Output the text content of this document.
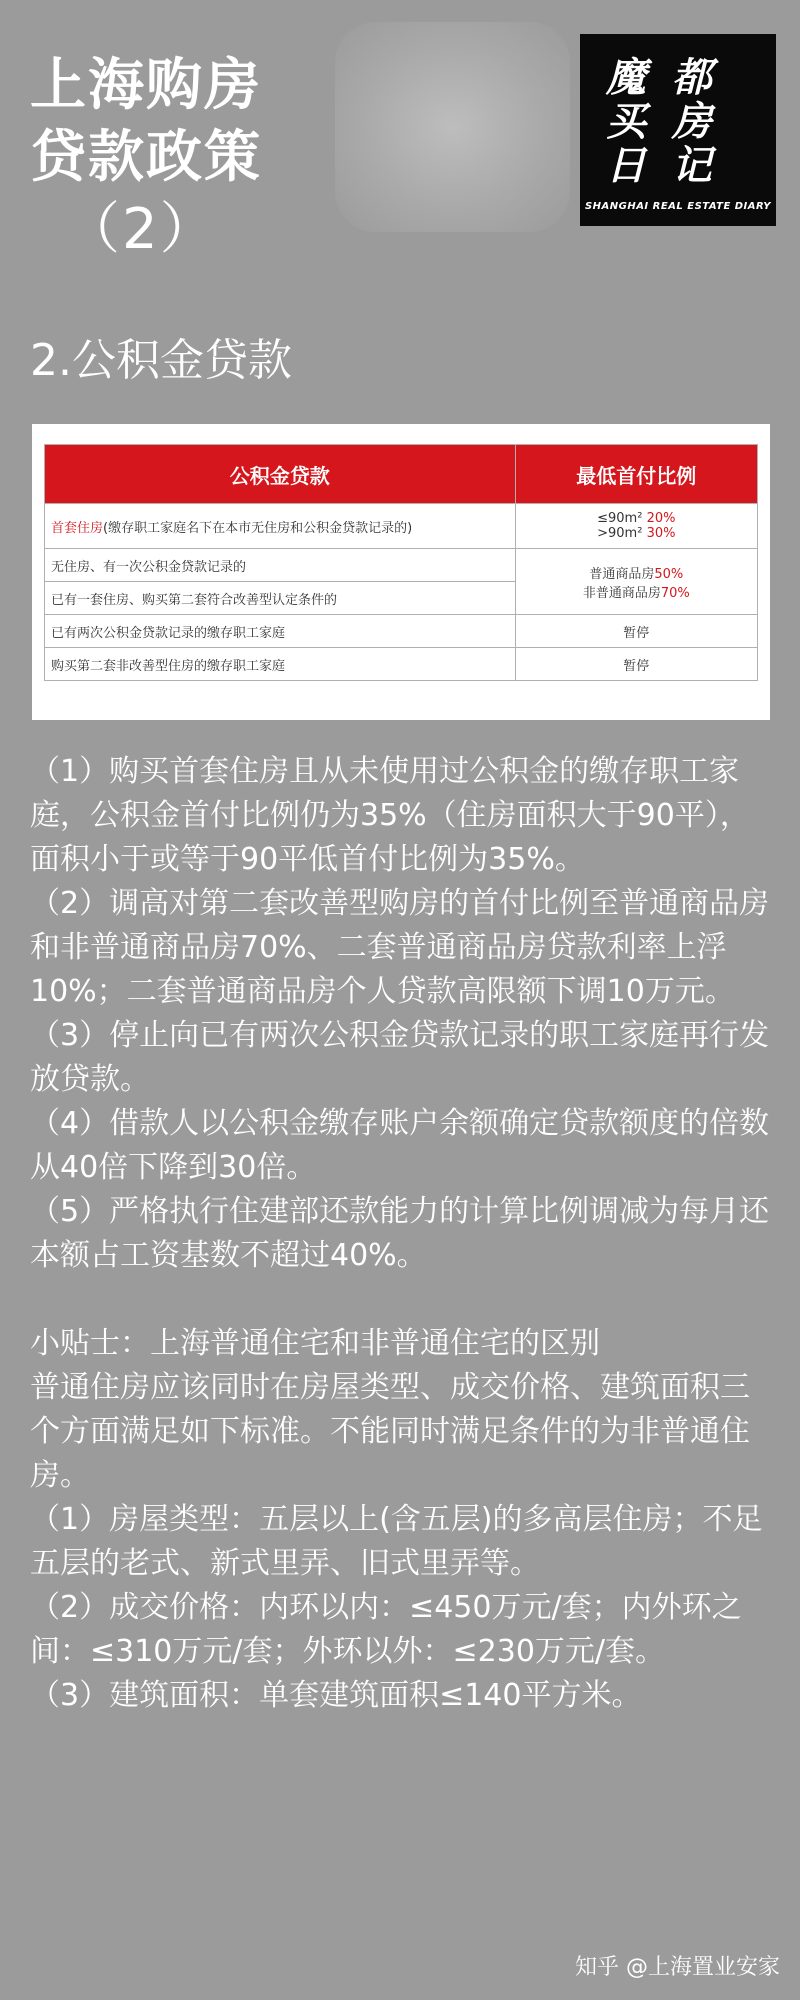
上海购房
贷款政策
（2）
魔 都
买 房
日 记
SHANGHAI REAL ESTATE DIARY
2.公积金贷款
公积金贷款	最低首付比例
首套住房(缴存职工家庭名下在本市无住房和公积金贷款记录的)	≤90m² 20%
>90m² 30%

无住房、有一次公积金贷款记录的	普通商品房50%
非普通商品房70%

已有一套住房、购买第二套符合改善型认定条件的	
已有两次公积金贷款记录的缴存职工家庭	暂停
购买第二套非改善型住房的缴存职工家庭	暂停

（1）购买首套住房且从未使用过公积金的缴存职工家庭，公积金首付比例仍为35%（住房面积大于90平），面积小于或等于90平低首付比例为35%。

（2）调高对第二套改善型购房的首付比例至普通商品房和非普通商品房70%、二套普通商品房贷款利率上浮10%；二套普通商品房个人贷款高限额下调10万元。

（3）停止向已有两次公积金贷款记录的职工家庭再行发放贷款。

（4）借款人以公积金缴存账户余额确定贷款额度的倍数从40倍下降到30倍。

（5）严格执行住建部还款能力的计算比例调减为每月还本额占工资基数不超过40%。

小贴士：上海普通住宅和非普通住宅的区别

普通住房应该同时在房屋类型、成交价格、建筑面积三个方面满足如下标准。不能同时满足条件的为非普通住房。

（1）房屋类型：五层以上(含五层)的多高层住房；不足五层的老式、新式里弄、旧式里弄等。

（2）成交价格：内环以内：≤450万元/套；内外环之间：≤310万元/套；外环以外：≤230万元/套。

（3）建筑面积：单套建筑面积≤140平方米。

知乎 @上海置业安家
